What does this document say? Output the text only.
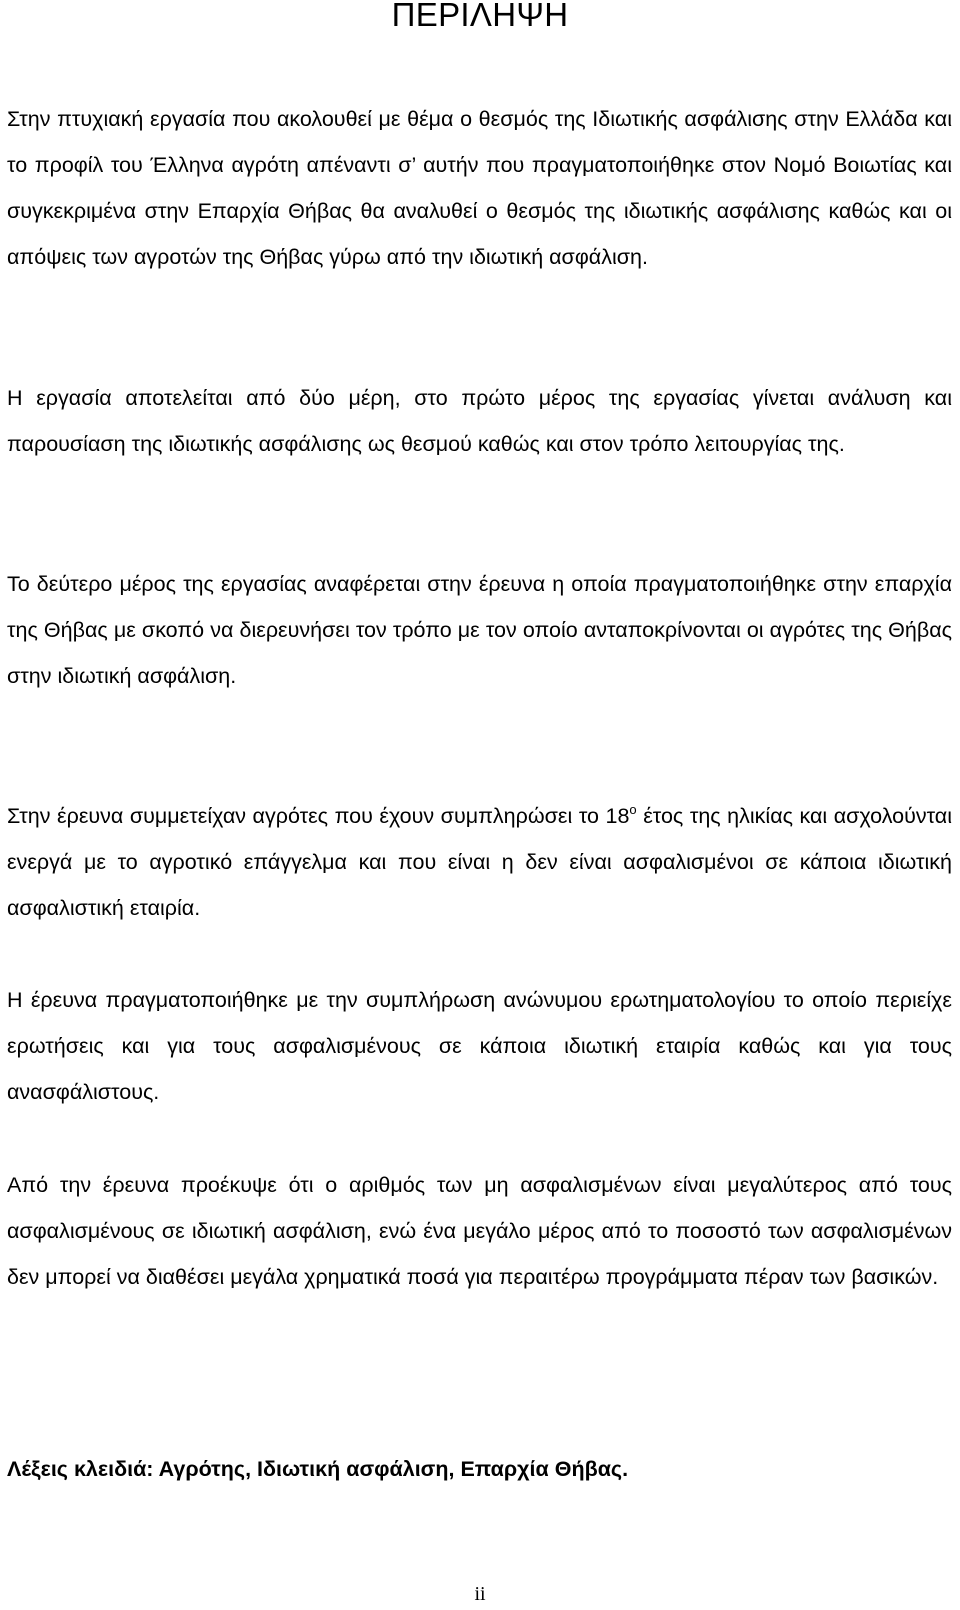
ΠΕΡΙΛΗΨΗ

Στην πτυχιακή εργασία που ακολουθεί με θέμα ο θεσμός της Ιδιωτικής ασφάλισης στην Ελλάδα και το προφίλ του Έλληνα αγρότη απέναντι σ’ αυτήν που πραγματοποιήθηκε στον Νομό Βοιωτίας και συγκεκριμένα στην Επαρχία Θήβας θα αναλυθεί ο θεσμός της ιδιωτικής ασφάλισης καθώς και οι απόψεις των αγροτών της Θήβας γύρω από την ιδιωτική ασφάλιση.

Η εργασία αποτελείται από δύο μέρη, στο πρώτο μέρος της εργασίας γίνεται ανάλυση και παρουσίαση της ιδιωτικής ασφάλισης ως θεσμού καθώς και στον τρόπο λειτουργίας της.

Το δεύτερο μέρος της εργασίας αναφέρεται στην έρευνα η οποία πραγματοποιήθηκε στην επαρχία της Θήβας με σκοπό να διερευνήσει τον τρόπο με τον οποίο ανταποκρίνονται οι αγρότες της Θήβας στην ιδιωτική ασφάλιση.

Στην έρευνα συμμετείχαν αγρότες που έχουν συμπληρώσει το $18^o$ έτος της ηλικίας και ασχολούνται ενεργά με το αγροτικό επάγγελμα και που είναι η δεν είναι ασφαλισμένοι σε κάποια ιδιωτική ασφαλιστική εταιρία.

Η έρευνα πραγματοποιήθηκε με την συμπλήρωση ανώνυμου ερωτηματολογίου το οποίο περιείχε ερωτήσεις και για τους ασφαλισμένους σε κάποια ιδιωτική εταιρία καθώς και για τους ανασφάλιστους.

Από την έρευνα προέκυψε ότι ο αριθμός των μη ασφαλισμένων είναι μεγαλύτερος από τους ασφαλισμένους σε ιδιωτική ασφάλιση, ενώ ένα μεγάλο μέρος από το ποσοστό των ασφαλισμένων δεν μπορεί να διαθέσει μεγάλα χρηματικά ποσά για περαιτέρω προγράμματα πέραν των βασικών.

Λέξεις κλειδιά: Αγρότης, Ιδιωτική ασφάλιση, Επαρχία Θήβας.

ii
